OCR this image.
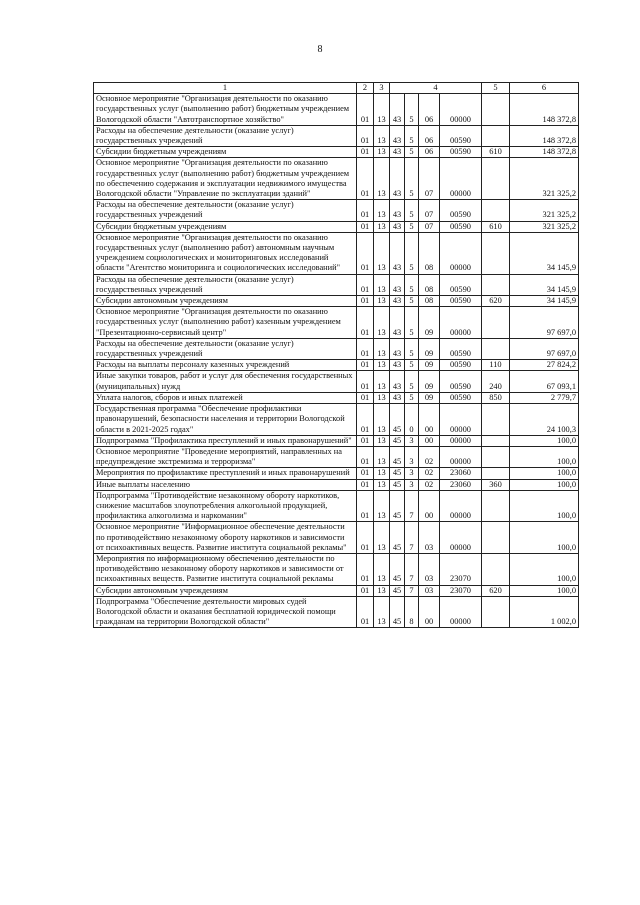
8
1	2	3	4				5	6
Основное мероприятие "Организация деятельности по оказанию государственных услуг (выполнению работ) бюджетным учреждением Вологодской области "Автотранспортное хозяйство"	01	13	43	5	06	00000		148 372,8
Расходы на обеспечение деятельности (оказание услуг) государственных учреждений	01	13	43	5	06	00590		148 372,8
Субсидии бюджетным учреждениям	01	13	43	5	06	00590	610	148 372,8
Основное мероприятие "Организация деятельности по оказанию государственных услуг (выполнению работ) бюджетным учреждением по обеспечению содержания и эксплуатации недвижимого имущества Вологодской области "Управление по эксплуатации зданий"	01	13	43	5	07	00000		321 325,2
Расходы на обеспечение деятельности (оказание услуг) государственных учреждений	01	13	43	5	07	00590		321 325,2
Субсидии бюджетным учреждениям	01	13	43	5	07	00590	610	321 325,2
Основное мероприятие "Организация деятельности по оказанию государственных услуг (выполнению работ) автономным научным учреждением социологических и мониторинговых исследований области "Агентство мониторинга и социологических исследований"	01	13	43	5	08	00000		34 145,9
Расходы на обеспечение деятельности (оказание услуг) государственных учреждений	01	13	43	5	08	00590		34 145,9
Субсидии автономным учреждениям	01	13	43	5	08	00590	620	34 145,9
Основное мероприятие "Организация деятельности по оказанию государственных услуг (выполнению работ) казенным учреждением "Презентационно-сервисный центр"	01	13	43	5	09	00000		97 697,0
Расходы на обеспечение деятельности (оказание услуг) государственных учреждений	01	13	43	5	09	00590		97 697,0
Расходы на выплаты персоналу казенных учреждений	01	13	43	5	09	00590	110	27 824,2
Иные закупки товаров, работ и услуг для обеспечения государственных (муниципальных) нужд	01	13	43	5	09	00590	240	67 093,1
Уплата налогов, сборов и иных платежей	01	13	43	5	09	00590	850	2 779,7
Государственная программа "Обеспечение профилактики правонарушений, безопасности населения и территории Вологодской области в 2021-2025 годах"	01	13	45	0	00	00000		24 100,3
Подпрограмма "Профилактика преступлений и иных правонарушений"	01	13	45	3	00	00000		100,0
Основное мероприятие "Проведение мероприятий, направленных на предупреждение экстремизма и терроризма"	01	13	45	3	02	00000		100,0
Мероприятия по профилактике преступлений и иных правонарушений	01	13	45	3	02	23060		100,0
Иные выплаты населению	01	13	45	3	02	23060	360	100,0
Подпрограмма "Противодействие незаконному обороту наркотиков, снижение масштабов злоупотребления алкогольной продукцией, профилактика алкоголизма и наркомании"	01	13	45	7	00	00000		100,0
Основное мероприятие "Информационное обеспечение деятельности по противодействию незаконному обороту наркотиков и зависимости от психоактивных веществ. Развитие института социальной рекламы"	01	13	45	7	03	00000		100,0
Мероприятия по информационному обеспечению деятельности по противодействию незаконному обороту наркотиков и зависимости от психоактивных веществ. Развитие института социальной рекламы	01	13	45	7	03	23070		100,0
Субсидии автономным учреждениям	01	13	45	7	03	23070	620	100,0
Подпрограмма "Обеспечение деятельности мировых судей Вологодской области и оказания бесплатной юридической помощи гражданам на территории Вологодской области"	01	13	45	8	00	00000		1 002,0
